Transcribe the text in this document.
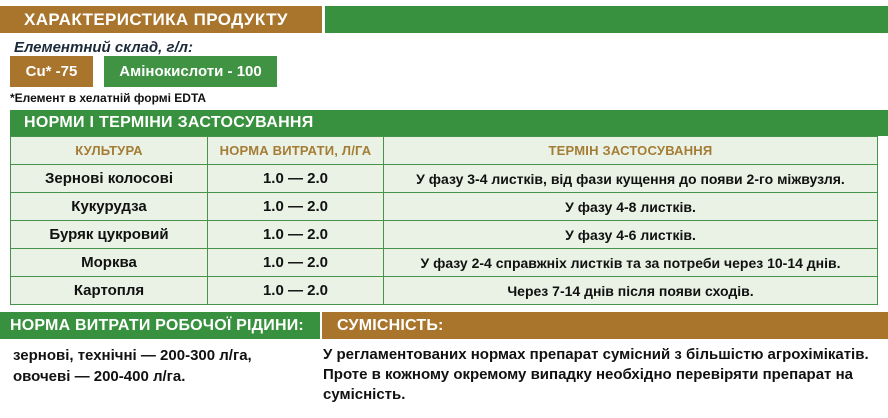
ХАРАКТЕРИСТИКА ПРОДУКТУ
Елементний склад, г/л:
Cu* -75	Амінокислоти - 100
*Елемент в хелатній формі EDTA
НОРМИ І ТЕРМІНИ ЗАСТОСУВАННЯ
КУЛЬТУРА	НОРМА ВИТРАТИ, Л/ГА	ТЕРМІН ЗАСТОСУВАННЯ
Зернові колосові	1.0 — 2.0	У фазу 3-4 листків, від фази кущення до появи 2-го міжвузля.
Кукурудза	1.0 — 2.0	У фазу 4-8 листків.
Буряк цукровий	1.0 — 2.0	У фазу 4-6 листків.
Морква	1.0 — 2.0	У фазу 2-4 справжніх листків та за потреби через 10-14 днів.
Картопля	1.0 — 2.0	Через 7-14 днів після появи сходів.
НОРМА ВИТРАТИ РОБОЧОЇ РІДИНИ:	СУМІСНІСТЬ:
зернові, технічні — 200-300 л/га,
овочеві — 200-400 л/га.
У регламентованих нормах препарат сумісний з більшістю агрохімікатів. Проте в кожному окремому випадку необхідно перевіряти препарат на сумісність.
